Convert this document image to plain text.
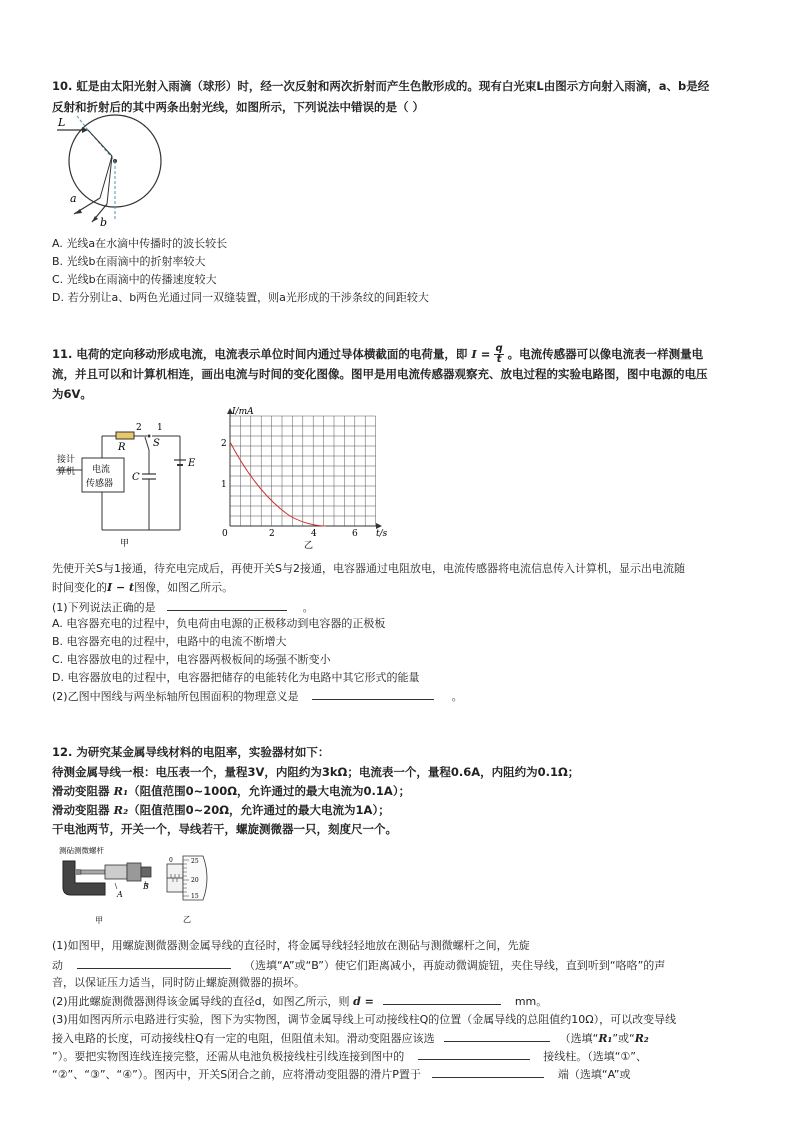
10. 虹是由太阳光射入雨滴（球形）时，经一次反射和两次折射而产生色散形成的。现有白光束L由图示方向射入雨滴，a、b是经
反射和折射后的其中两条出射光线，如图所示，下列说法中错误的是（ ）
L
a
b
A. 光线a在水滴中传播时的波长较长
B. 光线b在雨滴中的折射率较大
C. 光线b在雨滴中的传播速度较大
D. 若分别让a、b两色光通过同一双缝装置，则a光形成的干涉条纹的间距较大
11. 电荷的定向移动形成电流，电流表示单位时间内通过导体横截面的电荷量，即 $I = \frac{q}{t}$ 。电流传感器可以像电流表一样测量电
流，并且可以和计算机相连，画出电流与时间的变化图像。图甲是用电流传感器观察充、放电过程的实验电路图，图中电源的电压
为6V。
接计
算机 电流
传感器
R
2 1
S
C
E
甲
I/mA
t/s
1
2
0	2	4	6
乙
先使开关S与1接通，待充电完成后，再使开关S与2接通，电容器通过电阻放电，电流传感器将电流信息传入计算机，显示出电流随
时间变化的I − t图像，如图乙所示。
(1)下列说法正确的是	。
A. 电容器充电的过程中，负电荷由电源的正极移动到电容器的正极板
B. 电容器充电的过程中，电路中的电流不断增大
C. 电容器放电的过程中，电容器两极板间的场强不断变小
D. 电容器放电的过程中，电容器把储存的电能转化为电路中其它形式的能量
(2)乙图中图线与两坐标轴所包围面积的物理意义是	。
12. 为研究某金属导线材料的电阻率，实验器材如下：
待测金属导线一根：电压表一个，量程3V，内阻约为3kΩ；电流表一个，量程0.6A，内阻约为0.1Ω；
滑动变阻器 R₁（阻值范围0~100Ω，允许通过的最大电流为0.1A）；
滑动变阻器 R₂（阻值范围0~20Ω，允许通过的最大电流为1A）；
干电池两节，开关一个，导线若干，螺旋测微器一只，刻度尺一个。
测砧测微螺杆
A
B
甲
0	25
20
15
乙
(1)如图甲，用螺旋测微器测金属导线的直径时，将金属导线轻轻地放在测砧与测微螺杆之间，先旋
动	（选填“A”或“B”）使它们距离减小，再旋动微调旋钮，夹住导线，直到听到“咯咯”的声
音，以保证压力适当，同时防止螺旋测微器的损坏。
(2)用此螺旋测微器测得该金属导线的直径d，如图乙所示，则 d =	mm。
(3)用如图丙所示电路进行实验，图下为实物图，调节金属导线上可动接线柱Q的位置（金属导线的总阻值约10Ω），可以改变导线
接入电路的长度，可动接线柱Q有一定的电阻，但阻值未知。滑动变阻器应该选	（选填“R₁”或“R₂
”）。要把实物图连线连接完整，还需从电池负极接线柱引线连接到图中的	接线柱。（选填“①”、
“②”、“③”、“④”）。图丙中，开关S闭合之前，应将滑动变阻器的滑片P置于	端（选填“A”或
